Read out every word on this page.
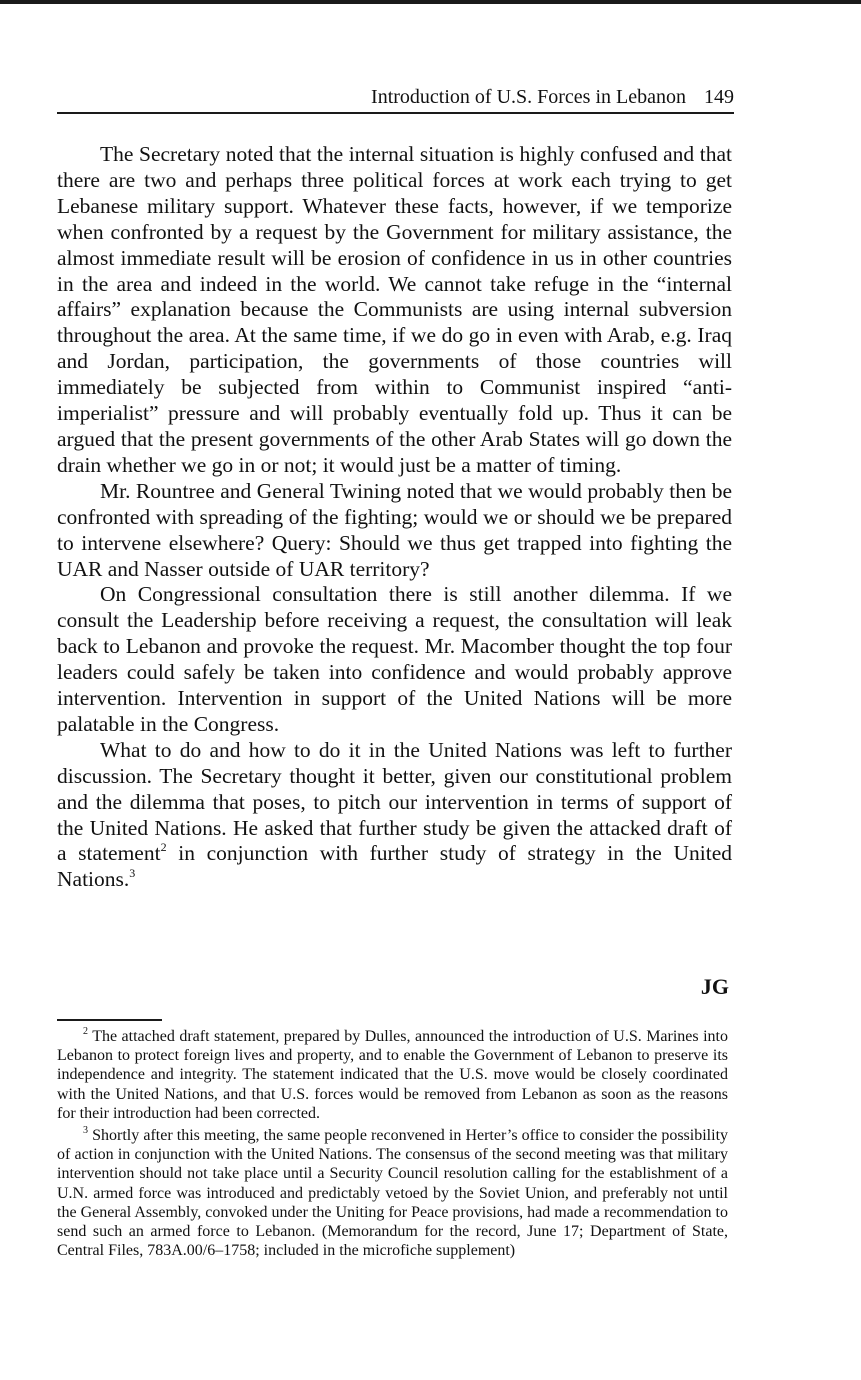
Introduction of U.S. Forces in Lebanon 149

The Secretary noted that the internal situation is highly confused and that there are two and perhaps three political forces at work each trying to get Lebanese military support. Whatever these facts, however, if we temporize when confronted by a request by the Government for military assistance, the almost immediate result will be erosion of confidence in us in other countries in the area and indeed in the world. We cannot take refuge in the “internal affairs” explanation because the Communists are using internal subversion throughout the area. At the same time, if we do go in even with Arab, e.g. Iraq and Jordan, participation, the governments of those countries will immediately be subjected from within to Communist inspired “anti-imperialist” pressure and will probably eventually fold up. Thus it can be argued that the present governments of the other Arab States will go down the drain whether we go in or not; it would just be a matter of timing.

Mr. Rountree and General Twining noted that we would probably then be confronted with spreading of the fighting; would we or should we be prepared to intervene elsewhere? Query: Should we thus get trapped into fighting the UAR and Nasser outside of UAR territory?

On Congressional consultation there is still another dilemma. If we consult the Leadership before receiving a request, the consultation will leak back to Lebanon and provoke the request. Mr. Macomber thought the top four leaders could safely be taken into confidence and would probably approve intervention. Intervention in support of the United Nations will be more palatable in the Congress.

What to do and how to do it in the United Nations was left to further discussion. The Secretary thought it better, given our constitutional problem and the dilemma that poses, to pitch our intervention in terms of support of the United Nations. He asked that further study be given the attacked draft of a statement$^2$ in conjunction with further study of strategy in the United Nations.$^3$

JG

$^2$ The attached draft statement, prepared by Dulles, announced the introduction of U.S. Marines into Lebanon to protect foreign lives and property, and to enable the Government of Lebanon to preserve its independence and integrity. The statement indicated that the U.S. move would be closely coordinated with the United Nations, and that U.S. forces would be removed from Lebanon as soon as the reasons for their introduction had been corrected.

$^3$ Shortly after this meeting, the same people reconvened in Herter’s office to consider the possibility of action in conjunction with the United Nations. The consensus of the second meeting was that military intervention should not take place until a Security Council resolution calling for the establishment of a U.N. armed force was introduced and predictably vetoed by the Soviet Union, and preferably not until the General Assembly, convoked under the Uniting for Peace provisions, had made a recommendation to send such an armed force to Lebanon. (Memorandum for the record, June 17; Department of State, Central Files, 783A.00/6–1758; included in the microfiche supplement)
